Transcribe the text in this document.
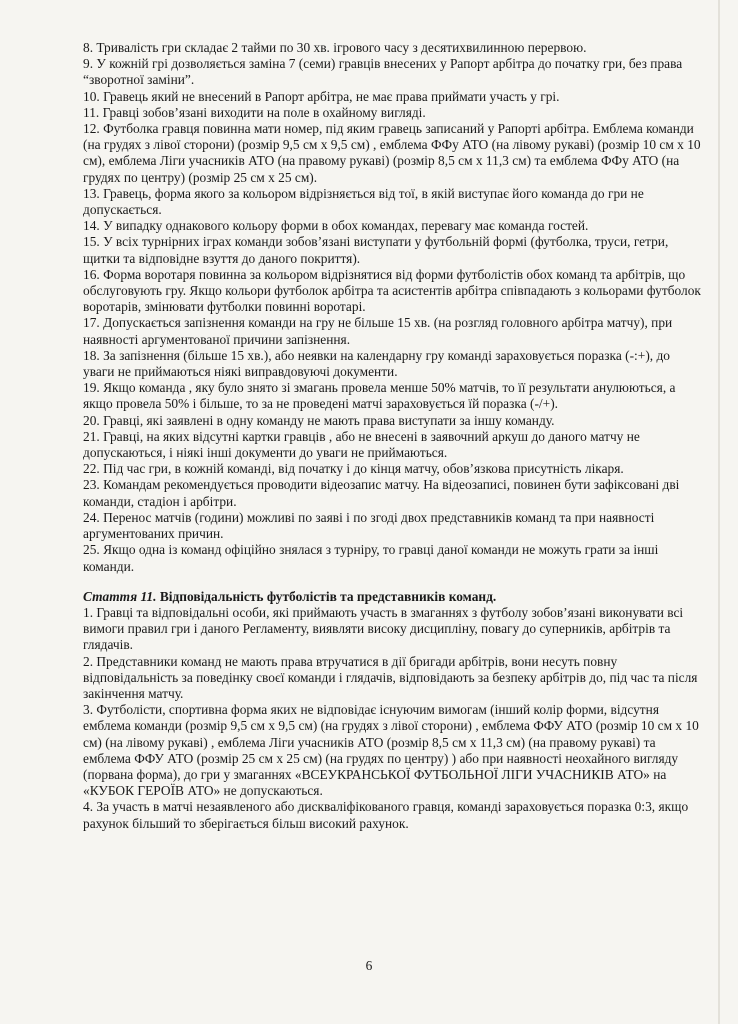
8. Тривалість гри складає 2 тайми по 30 хв. ігрового часу з десятихвилинною перервою.

9. У кожній грі дозволяється заміна 7 (семи) гравців внесених у Рапорт арбітра до початку гри, без права “зворотної заміни”.

10. Гравець який не внесений в Рапорт арбітра, не має права приймати участь у грі.

11. Гравці зобов’язані виходити на поле в охайному вигляді.

12. Футболка гравця повинна мати номер, під яким гравець записаний у Рапорті арбітра. Емблема команди (на грудях з лівої сторони) (розмір 9,5 см х 9,5 см) , емблема ФФу АТО (на лівому рукаві) (розмір 10 см х 10 см), емблема Ліги учасників АТО (на правому рукаві) (розмір 8,5 см х 11,3 см) та емблема ФФу АТО (на грудях по центру) (розмір 25 см х 25 см).

13. Гравець, форма якого за кольором відрізняється від тої, в якій виступає його команда до гри не допускається.

14. У випадку однакового кольору форми в обох командах, перевагу має команда гостей.

15. У всіх турнірних іграх команди зобов’язані виступати у футбольній формі (футболка, труси, гетри, щитки та відповідне взуття до даного покриття).

16. Форма воротаря повинна за кольором відрізнятися від форми футболістів обох команд та арбітрів, що обслуговують гру. Якщо кольори футболок арбітра та асистентів арбітра співпадають з кольорами футболок воротарів, змінювати футболки повинні воротарі.

17. Допускається запізнення команди на гру не більше 15 хв. (на розгляд головного арбітра матчу), при наявності аргументованої причини запізнення.

18. За запізнення (більше 15 хв.), або неявки на календарну гру команді зараховується поразка (-:+), до уваги не приймаються ніякі виправдовуючі документи.

19. Якщо команда , яку було знято зі змагань провела менше 50% матчів, то її результати анулюються, а якщо провела 50% і більше, то за не проведені матчі зараховується їй поразка (-/+).

20. Гравці, які заявлені в одну команду не мають права виступати за іншу команду.

21. Гравці, на яких відсутні картки гравців , або не внесені в заявочний аркуш до даного матчу не допускаються, і ніякі інші документи до уваги не приймаються.

22. Під час гри, в кожній команді, від початку і до кінця матчу, обов’язкова присутність лікаря.

23. Командам рекомендується проводити відеозапис матчу. На відеозаписі, повинен бути зафіксовані дві команди, стадіон і арбітри.

24. Перенос матчів (години) можливі по заяві і по згоді двох представників команд та при наявності аргументованих причин.

25. Якщо одна із команд офіційно знялася з турніру, то гравці даної команди не можуть грати за інші команди.

Стаття 11. Відповідальність футболістів та представників команд.

1. Гравці та відповідальні особи, які приймають участь в змаганнях з футболу зобов’язані виконувати всі вимоги правил гри і даного Регламенту, виявляти високу дисципліну, повагу до суперників, арбітрів та глядачів.

2. Представники команд не мають права втручатися в дії бригади арбітрів, вони несуть повну відповідальність за поведінку своєї команди і глядачів, відповідають за безпеку арбітрів до, під час та після закінчення матчу.

3. Футболісти, спортивна форма яких не відповідає існуючим вимогам (інший колір форми, відсутня емблема команди (розмір 9,5 см х 9,5 см) (на грудях з лівої сторони) , емблема ФФУ АТО (розмір 10 см х 10 см) (на лівому рукаві) , емблема Ліги учасників АТО (розмір 8,5 см х 11,3 см) (на правому рукаві) та емблема ФФУ АТО (розмір 25 см х 25 см) (на грудях по центру) ) або при наявності неохайного вигляду (порвана форма), до гри у змаганнях «ВСЕУКРАНСЬКОЇ ФУТБОЛЬНОЇ ЛІГИ УЧАСНИКІВ АТО» на «КУБОК ГЕРОЇВ АТО» не допускаються.

4. За участь в матчі незаявленого або дискваліфікованого гравця, команді зараховується поразка 0:3, якщо рахунок більший то зберігається більш високий рахунок.

6
